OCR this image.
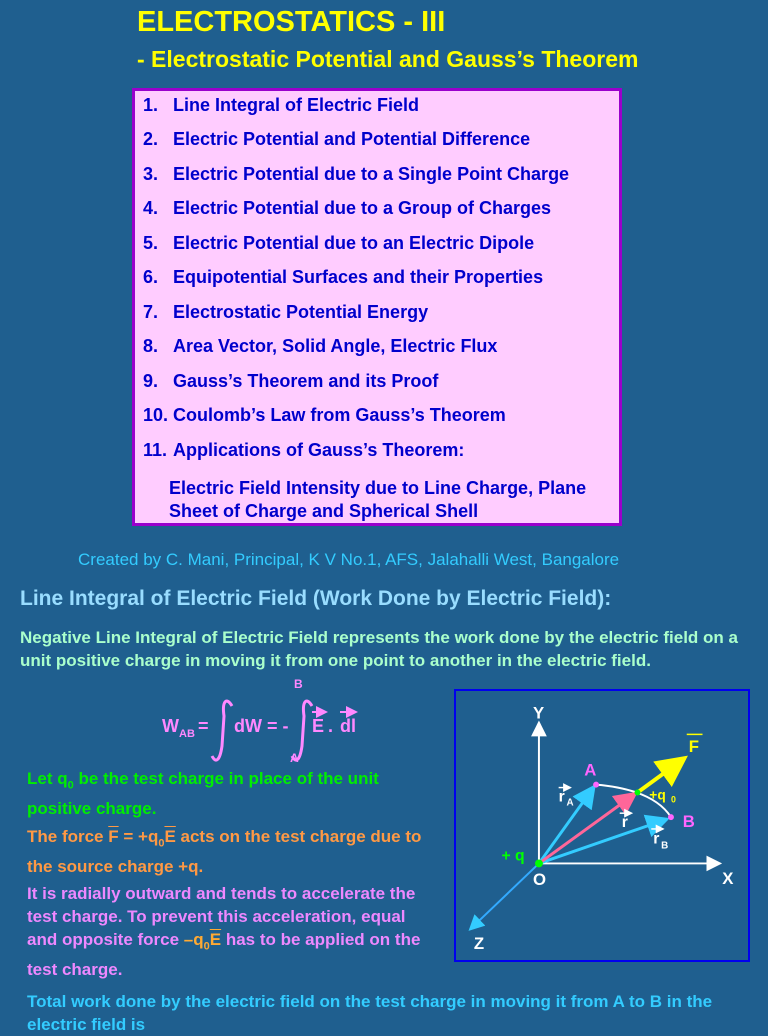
ELECTROSTATICS - III
- Electrostatic Potential and Gauss’s Theorem
1. Line Integral of Electric Field
2. Electric Potential and Potential Difference
3. Electric Potential due to a Single Point Charge
4. Electric Potential due to a Group of Charges
5. Electric Potential due to an Electric Dipole
6. Equipotential Surfaces and their Properties
7. Electrostatic Potential Energy
8. Area Vector, Solid Angle, Electric Flux
9. Gauss’s Theorem and its Proof
10. Coulomb’s Law from Gauss’s Theorem
11. Applications of Gauss’s Theorem:
Electric Field Intensity due to Line Charge, Plane Sheet of Charge and Spherical Shell
Created by C. Mani, Principal, K V No.1, AFS, Jalahalli West, Bangalore
Line Integral of Electric Field (Work Done by Electric Field):
Negative Line Integral of Electric Field represents the work done by the electric field on a unit positive charge in moving it from one point to another in the electric field.
W AB = dW = -
B
A
E
. dl
Let $q_0$ be the test charge in place of the unit positive charge.
The force $\overline{F} = +q_0\overline{E}$ acts on the test charge due to the source charge +q.
It is radially outward and tends to accelerate the test charge. To prevent this acceleration, equal and opposite force $-q_0\overline{E}$ has to be applied on the test charge.
Y
X
Z
O
+ q
A
B
F
+q 0
r A
r
r B
Total work done by the electric field on the test charge in moving it from A to B in the electric field is
